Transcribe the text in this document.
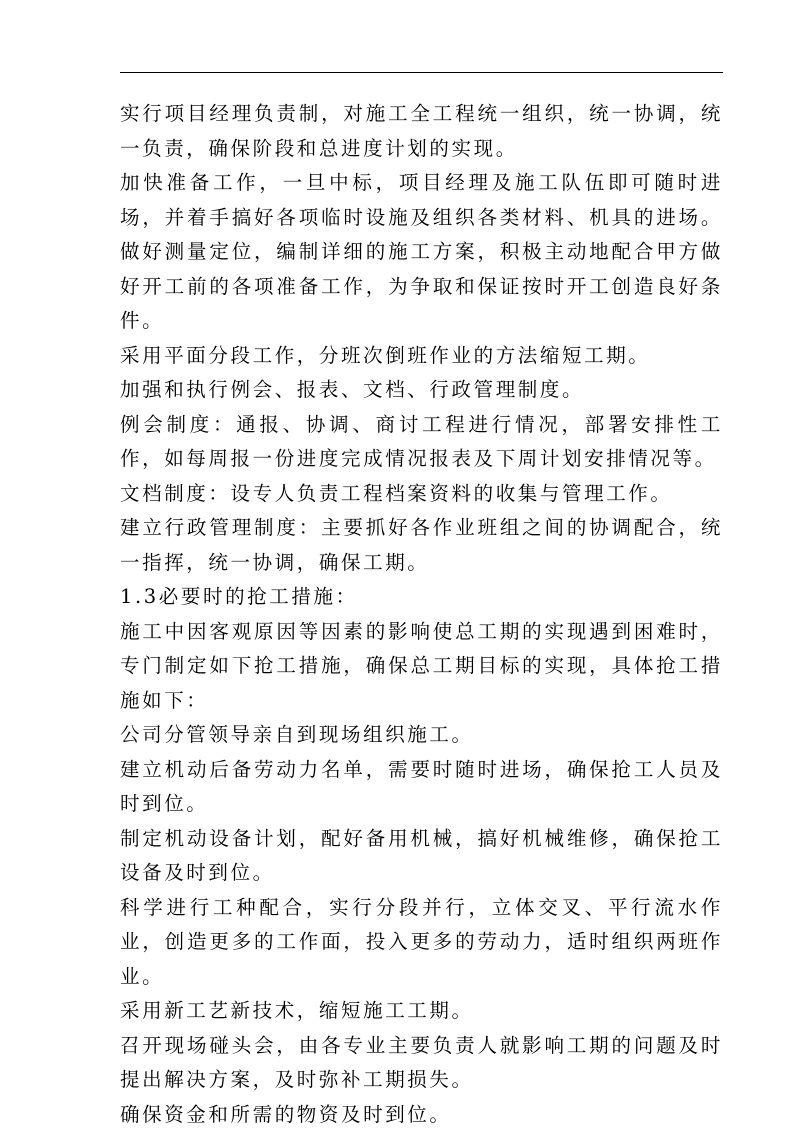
实行项目经理负责制，对施工全工程统一组织，统一协调，统一负责，确保阶段和总进度计划的实现。

加快准备工作，一旦中标，项目经理及施工队伍即可随时进场，并着手搞好各项临时设施及组织各类材料、机具的进场。做好测量定位，编制详细的施工方案，积极主动地配合甲方做好开工前的各项准备工作，为争取和保证按时开工创造良好条件。

采用平面分段工作，分班次倒班作业的方法缩短工期。

加强和执行例会、报表、文档、行政管理制度。

例会制度：通报、协调、商讨工程进行情况，部署安排性工作，如每周报一份进度完成情况报表及下周计划安排情况等。

文档制度：设专人负责工程档案资料的收集与管理工作。

建立行政管理制度：主要抓好各作业班组之间的协调配合，统一指挥，统一协调，确保工期。

1.3必要时的抢工措施：

施工中因客观原因等因素的影响使总工期的实现遇到困难时，专门制定如下抢工措施，确保总工期目标的实现，具体抢工措施如下：

公司分管领导亲自到现场组织施工。

建立机动后备劳动力名单，需要时随时进场，确保抢工人员及时到位。

制定机动设备计划，配好备用机械，搞好机械维修，确保抢工设备及时到位。

科学进行工种配合，实行分段并行，立体交叉、平行流水作业，创造更多的工作面，投入更多的劳动力，适时组织两班作业。

采用新工艺新技术，缩短施工工期。

召开现场碰头会，由各专业主要负责人就影响工期的问题及时提出解决方案，及时弥补工期损失。

确保资金和所需的物资及时到位。
